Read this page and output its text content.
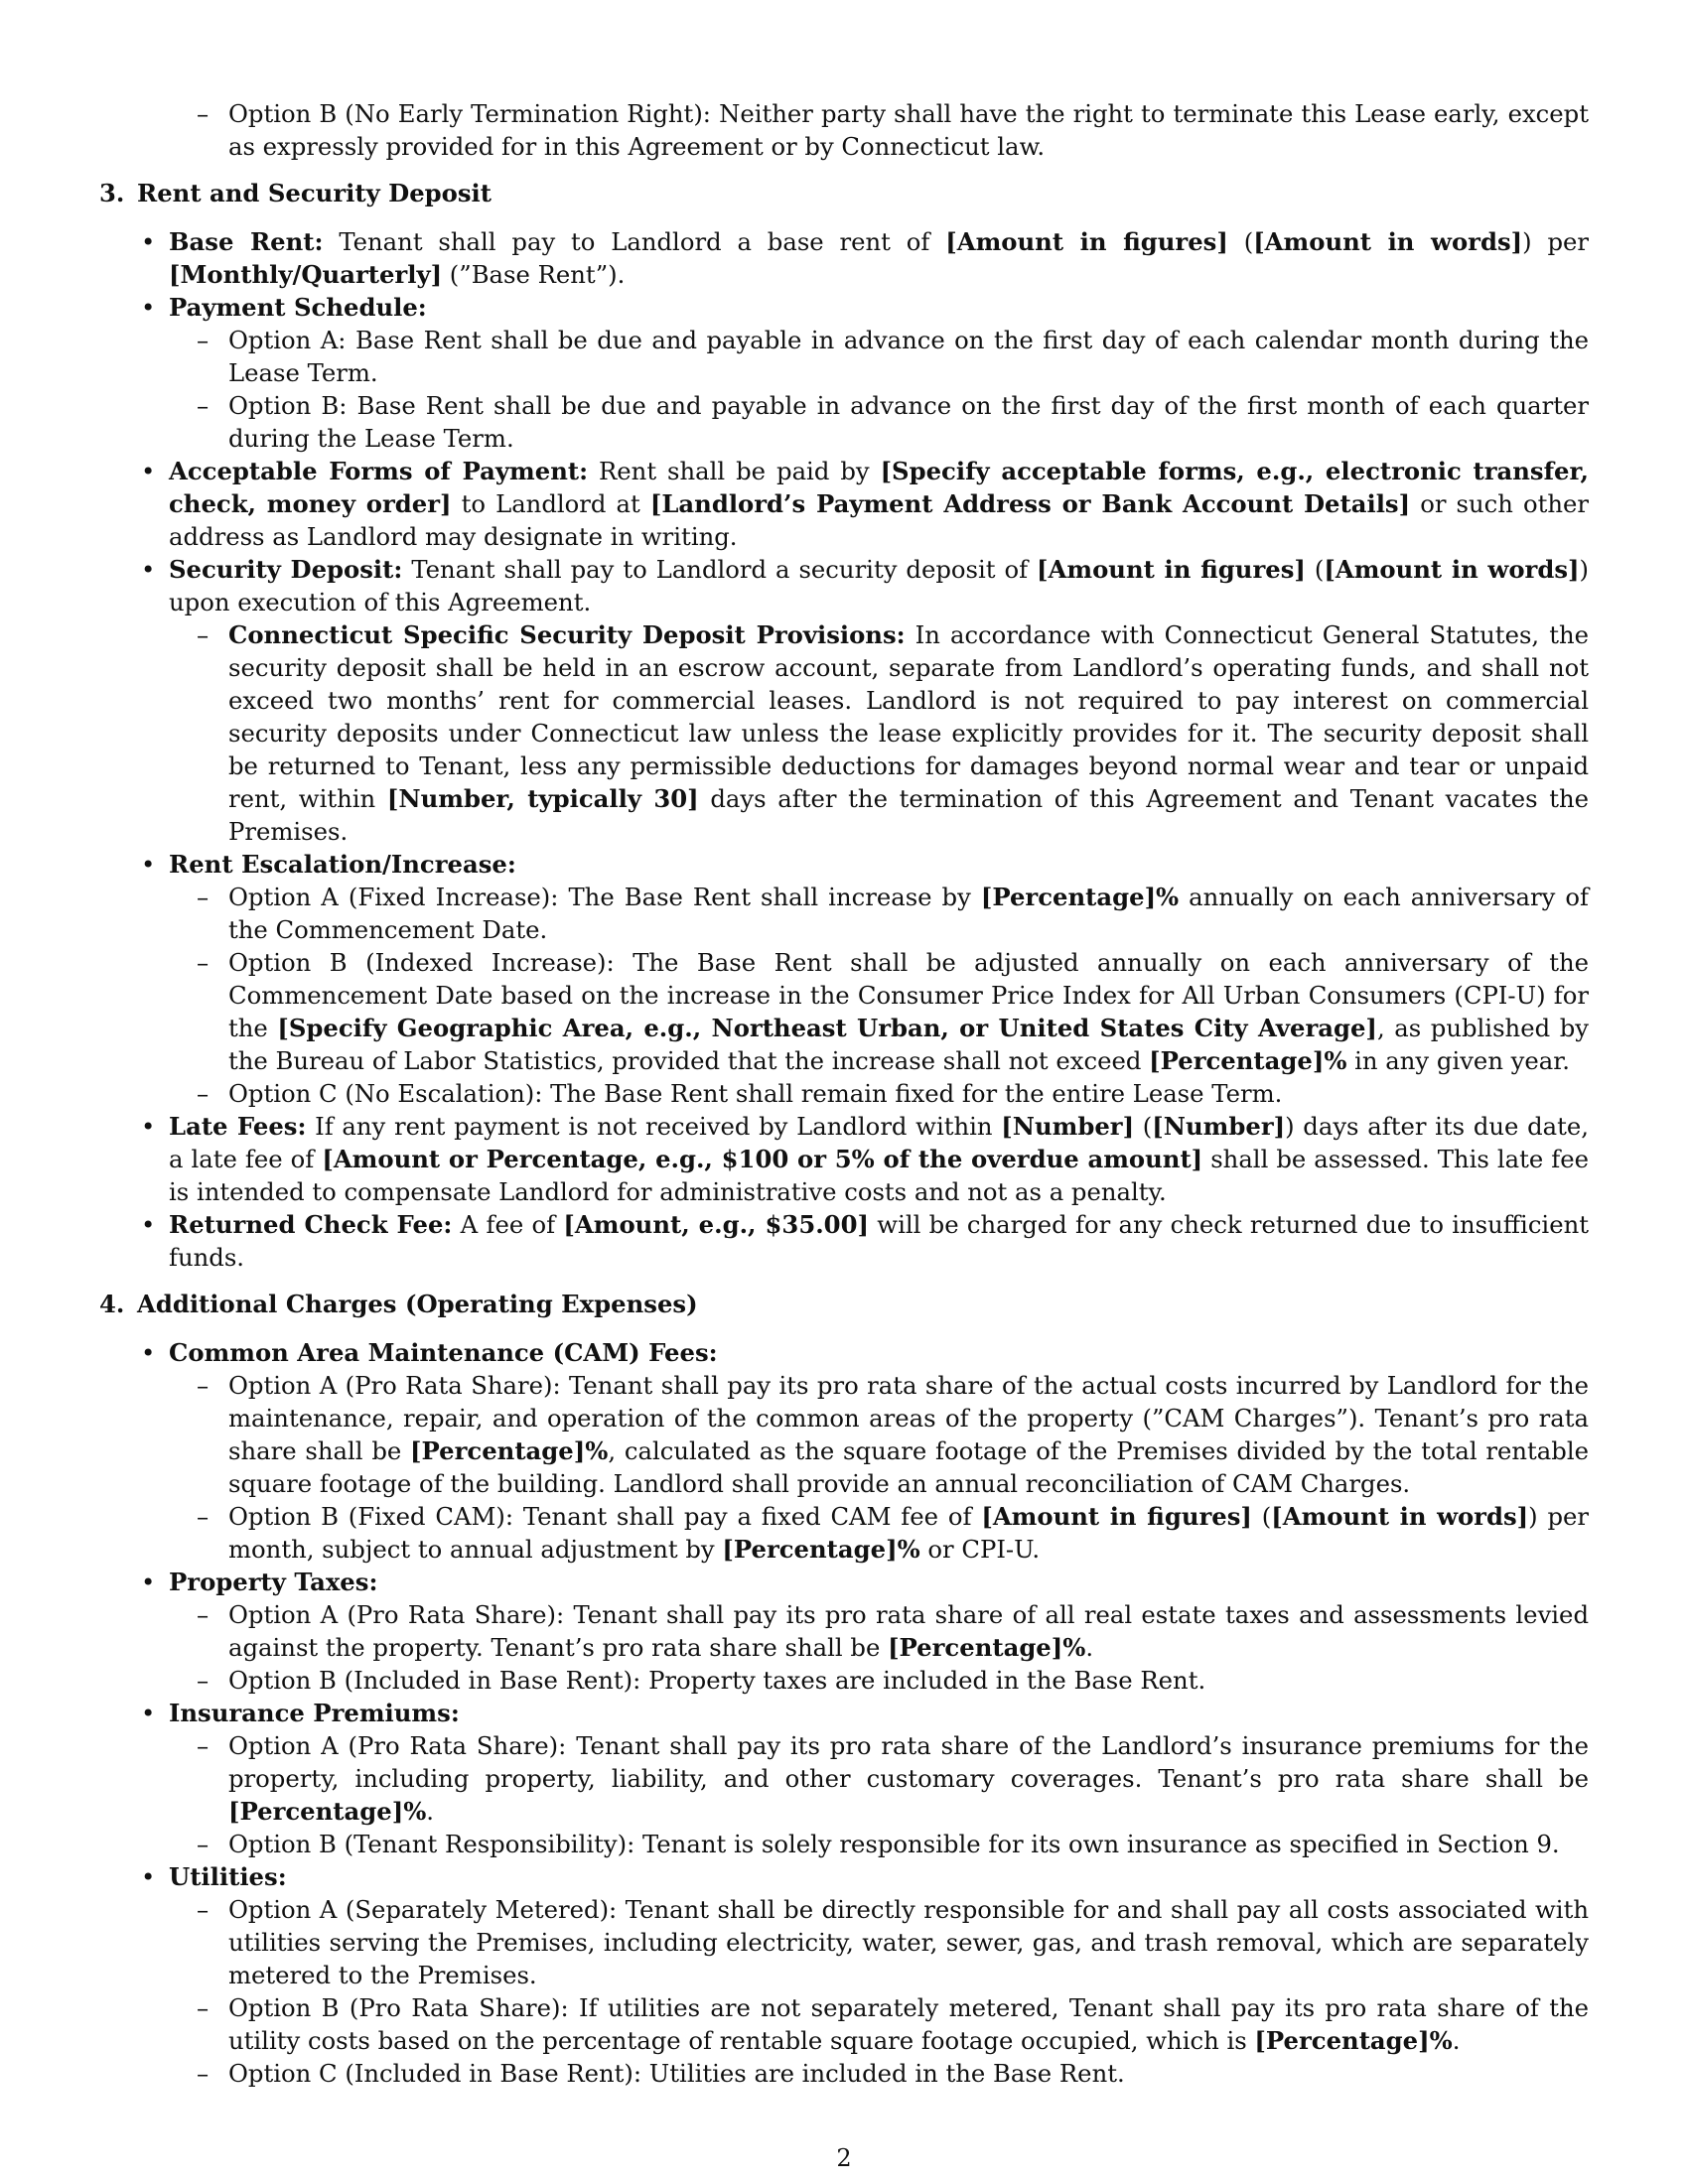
– Option B (No Early Termination Right): Neither party shall have the right to terminate this Lease early, except as expressly provided for in this Agreement or by Connecticut law.
3. Rent and Security Deposit
• Base Rent: Tenant shall pay to Landlord a base rent of [Amount in figures] ([Amount in words]) per [Monthly/Quarterly] (”Base Rent”).
• Payment Schedule:
– Option A: Base Rent shall be due and payable in advance on the first day of each calendar month during the Lease Term.
– Option B: Base Rent shall be due and payable in advance on the first day of the first month of each quarter during the Lease Term.
• Acceptable Forms of Payment: Rent shall be paid by [Specify acceptable forms, e.g., electronic transfer, check, money order] to Landlord at [Landlord’s Payment Address or Bank Account Details] or such other address as Landlord may designate in writing.
• Security Deposit: Tenant shall pay to Landlord a security deposit of [Amount in figures] ([Amount in words]) upon execution of this Agreement.
– Connecticut Specific Security Deposit Provisions: In accordance with Connecticut General Statutes, the security deposit shall be held in an escrow account, separate from Landlord’s operating funds, and shall not exceed two months’ rent for commercial leases. Landlord is not required to pay interest on commercial security deposits under Connecticut law unless the lease explicitly provides for it. The security deposit shall be returned to Tenant, less any permissible deductions for damages beyond normal wear and tear or unpaid rent, within [Number, typically 30] days after the termination of this Agreement and Tenant vacates the Premises.
• Rent Escalation/Increase:
– Option A (Fixed Increase): The Base Rent shall increase by [Percentage]% annually on each anniversary of the Commencement Date.
– Option B (Indexed Increase): The Base Rent shall be adjusted annually on each anniversary of the Commencement Date based on the increase in the Consumer Price Index for All Urban Consumers (CPI-U) for the [Specify Geographic Area, e.g., Northeast Urban, or United States City Average], as published by the Bureau of Labor Statistics, provided that the increase shall not exceed [Percentage]% in any given year.
– Option C (No Escalation): The Base Rent shall remain fixed for the entire Lease Term.
• Late Fees: If any rent payment is not received by Landlord within [Number] ([Number]) days after its due date, a late fee of [Amount or Percentage, e.g., $100 or 5% of the overdue amount] shall be assessed. This late fee is intended to compensate Landlord for administrative costs and not as a penalty.
• Returned Check Fee: A fee of [Amount, e.g., $35.00] will be charged for any check returned due to insufficient funds.
4. Additional Charges (Operating Expenses)
• Common Area Maintenance (CAM) Fees:
– Option A (Pro Rata Share): Tenant shall pay its pro rata share of the actual costs incurred by Landlord for the maintenance, repair, and operation of the common areas of the property (”CAM Charges”). Tenant’s pro rata share shall be [Percentage]%, calculated as the square footage of the Premises divided by the total rentable square footage of the building. Landlord shall provide an annual reconciliation of CAM Charges.
– Option B (Fixed CAM): Tenant shall pay a fixed CAM fee of [Amount in figures] ([Amount in words]) per month, subject to annual adjustment by [Percentage]% or CPI-U.
• Property Taxes:
– Option A (Pro Rata Share): Tenant shall pay its pro rata share of all real estate taxes and assessments levied against the property. Tenant’s pro rata share shall be [Percentage]%.
– Option B (Included in Base Rent): Property taxes are included in the Base Rent.
• Insurance Premiums:
– Option A (Pro Rata Share): Tenant shall pay its pro rata share of the Landlord’s insurance premiums for the property, including property, liability, and other customary coverages. Tenant’s pro rata share shall be [Percentage]%.
– Option B (Tenant Responsibility): Tenant is solely responsible for its own insurance as specified in Section 9.
• Utilities:
– Option A (Separately Metered): Tenant shall be directly responsible for and shall pay all costs associated with utilities serving the Premises, including electricity, water, sewer, gas, and trash removal, which are separately metered to the Premises.
– Option B (Pro Rata Share): If utilities are not separately metered, Tenant shall pay its pro rata share of the utility costs based on the percentage of rentable square footage occupied, which is [Percentage]%.
– Option C (Included in Base Rent): Utilities are included in the Base Rent.
2
